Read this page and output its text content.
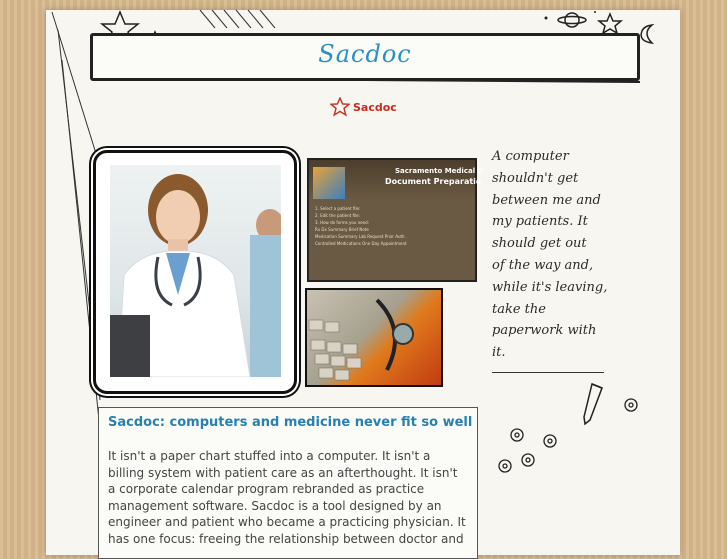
Sacdoc
Sacdoc
Sacramento Medical O
Document Preparatio
1. Select a patient file:
2. Edit the patient file:
3. How do forms you need:
Rx Dx Summary Brief Note
Medication Summary Lab Request Prior Auth
Controlled Medications One Day Appointment
A computer
shouldn't get
between me and
my patients. It
should get out
of the way and,
while it's leaving,
take the
paperwork with
it.
Sacdoc: computers and medicine never fit so well
It isn't a paper chart stuffed into a computer. It isn't a billing system with patient care as an afterthought. It isn't a corporate calendar program rebranded as practice management software. Sacdoc is a tool designed by an engineer and patient who became a practicing physician. It has one focus: freeing the relationship between doctor and
